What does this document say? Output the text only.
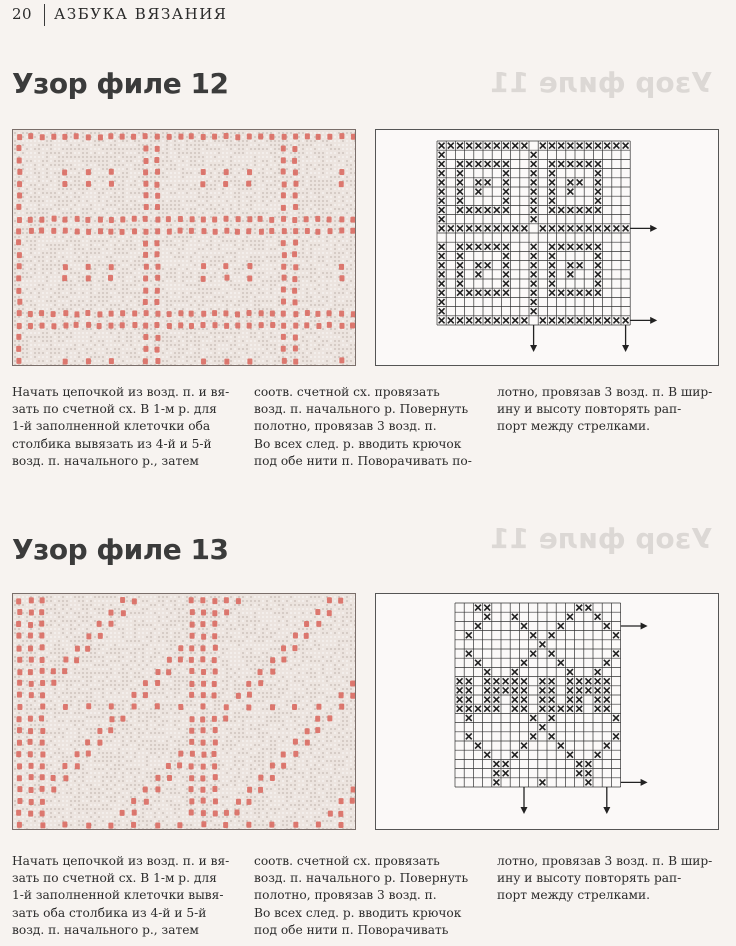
20 АЗБУКА ВЯЗАНИЯ
Узор филе 11
Узор филе 11
Узор филе 12
Начать цепочкой из возд. п. и вя-
зать по счетной сх. В 1-м р. для
1-й заполненной клеточки оба
столбика вывязать из 4-й и 5-й
возд. п. начального р., затем
соотв. счетной сх. провязать
возд. п. начального р. Повернуть
полотно, провязав 3 возд. п.
Во всех след. р. вводить крючок
под обе нити п. Поворачивать по-
лотно, провязав 3 возд. п. В шир-
ину и высоту повторять рап-
порт между стрелками.
Узор филе 13
Начать цепочкой из возд. п. и вя-
зать по счетной сх. В 1-м р. для
1-й заполненной клеточки вывя-
зать оба столбика из 4-й и 5-й
возд. п. начального р., затем
соотв. счетной сх. провязать
возд. п. начального р. Повернуть
полотно, провязав 3 возд. п.
Во всех след. р. вводить крючок
под обе нити п. Поворачивать
лотно, провязав 3 возд. п. В шир-
ину и высоту повторять рап-
порт между стрелками.
